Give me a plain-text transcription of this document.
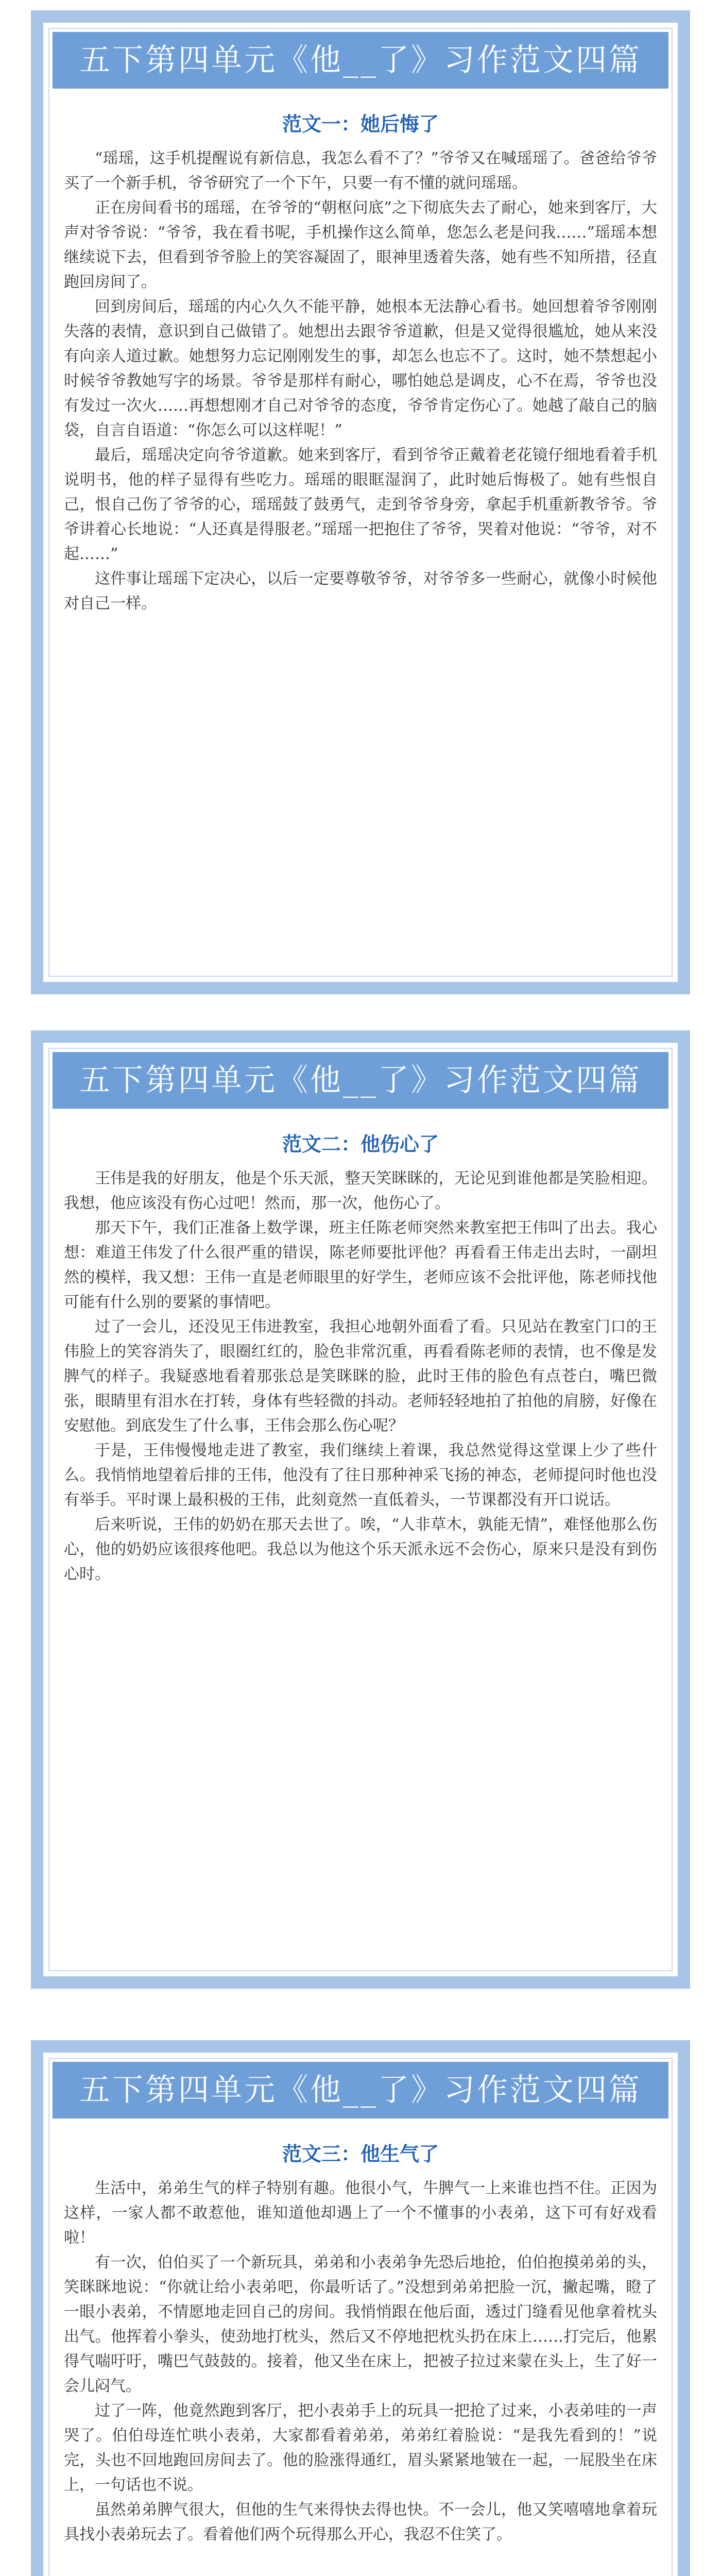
五下第四单元《他__了》习作范文四篇
范文一：她后悔了

“瑶瑶，这手机提醒说有新信息，我怎么看不了？”爷爷又在喊瑶瑶了。爸爸给爷爷买了一个新手机，爷爷研究了一个下午，只要一有不懂的就问瑶瑶。

正在房间看书的瑶瑶，在爷爷的“朝枢问底”之下彻底失去了耐心，她来到客厅，大声对爷爷说：“爷爷，我在看书呢，手机操作这么简单，您怎么老是问我……”瑶瑶本想继续说下去，但看到爷爷脸上的笑容凝固了，眼神里透着失落，她有些不知所措，径直跑回房间了。

回到房间后，瑶瑶的内心久久不能平静，她根本无法静心看书。她回想着爷爷刚刚失落的表情，意识到自己做错了。她想出去跟爷爷道歉，但是又觉得很尴尬，她从来没有向亲人道过歉。她想努力忘记刚刚发生的事，却怎么也忘不了。这时，她不禁想起小时候爷爷教她写字的场景。爷爷是那样有耐心，哪怕她总是调皮，心不在焉，爷爷也没有发过一次火……再想想刚才自己对爷爷的态度，爷爷肯定伤心了。她越了敲自己的脑袋，自言自语道：“你怎么可以这样呢！”

最后，瑶瑶决定向爷爷道歉。她来到客厅，看到爷爷正戴着老花镜仔细地看着手机说明书，他的样子显得有些吃力。瑶瑶的眼眶湿润了，此时她后悔极了。她有些恨自己，恨自己伤了爷爷的心，瑶瑶鼓了鼓勇气，走到爷爷身旁，拿起手机重新教爷爷。爷爷讲着心长地说：“人还真是得服老。”瑶瑶一把抱住了爷爷，哭着对他说：“爷爷，对不起……”

这件事让瑶瑶下定决心，以后一定要尊敬爷爷，对爷爷多一些耐心，就像小时候他对自己一样。

五下第四单元《他__了》习作范文四篇
范文二：他伤心了

王伟是我的好朋友，他是个乐天派，整天笑眯眯的，无论见到谁他都是笑脸相迎。我想，他应该没有伤心过吧！然而，那一次，他伤心了。

那天下午，我们正准备上数学课，班主任陈老师突然来教室把王伟叫了出去。我心想：难道王伟发了什么很严重的错误，陈老师要批评他？再看看王伟走出去时，一副坦然的模样，我又想：王伟一直是老师眼里的好学生，老师应该不会批评他，陈老师找他可能有什么别的要紧的事情吧。

过了一会儿，还没见王伟进教室，我担心地朝外面看了看。只见站在教室门口的王伟脸上的笑容消失了，眼圈红红的，脸色非常沉重，再看看陈老师的表情，也不像是发脾气的样子。我疑惑地看着那张总是笑眯眯的脸，此时王伟的脸色有点苍白，嘴巴微张，眼睛里有泪水在打转，身体有些轻微的抖动。老师轻轻地拍了拍他的肩膀，好像在安慰他。到底发生了什么事，王伟会那么伤心呢？

于是，王伟慢慢地走进了教室，我们继续上着课，我总然觉得这堂课上少了些什么。我悄悄地望着后排的王伟，他没有了往日那种神采飞扬的神态，老师提问时他也没有举手。平时课上最积极的王伟，此刻竟然一直低着头，一节课都没有开口说话。

后来听说，王伟的奶奶在那天去世了。唉，“人非草木，孰能无情”，难怪他那么伤心，他的奶奶应该很疼他吧。我总以为他这个乐天派永远不会伤心，原来只是没有到伤心时。

五下第四单元《他__了》习作范文四篇
范文三：他生气了

生活中，弟弟生气的样子特别有趣。他很小气，牛脾气一上来谁也挡不住。正因为这样，一家人都不敢惹他，谁知道他却遇上了一个不懂事的小表弟，这下可有好戏看啦！

有一次，伯伯买了一个新玩具，弟弟和小表弟争先恐后地抢，伯伯抱摸弟弟的头，笑眯眯地说：“你就让给小表弟吧，你最听话了。”没想到弟弟把脸一沉，撇起嘴，瞪了一眼小表弟，不情愿地走回自己的房间。我悄悄跟在他后面，透过门缝看见他拿着枕头出气。他挥着小拳头，使劲地打枕头，然后又不停地把枕头扔在床上……打完后，他累得气喘吁吁，嘴巴气鼓鼓的。接着，他又坐在床上，把被子拉过来蒙在头上，生了好一会儿闷气。

过了一阵，他竟然跑到客厅，把小表弟手上的玩具一把抢了过来，小表弟哇的一声哭了。伯伯母连忙哄小表弟，大家都看着弟弟，弟弟红着脸说：“是我先看到的！”说完，头也不回地跑回房间去了。他的脸涨得通红，眉头紧紧地皱在一起，一屁股坐在床上，一句话也不说。

虽然弟弟脾气很大，但他的生气来得快去得也快。不一会儿，他又笑嘻嘻地拿着玩具找小表弟玩去了。看着他们两个玩得那么开心，我忍不住笑了。
